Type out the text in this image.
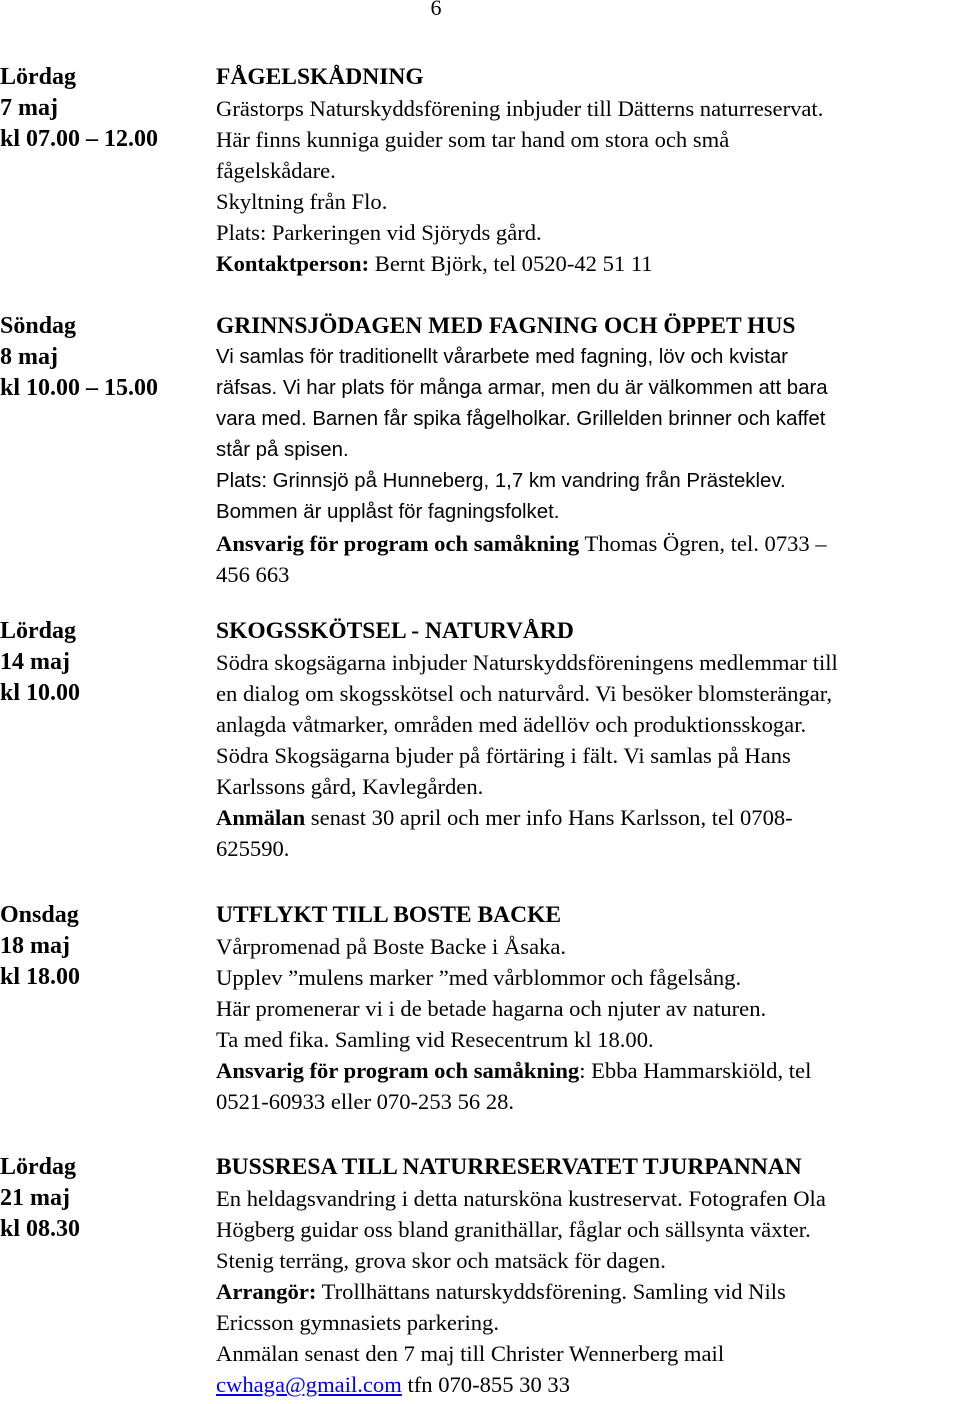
6
Lördag
7 maj
kl 07.00 – 12.00
FÅGELSKÅDNING
Grästorps Naturskyddsförening inbjuder till Dätterns naturreservat.
Här finns kunniga guider som tar hand om stora och små
fågelskådare.
Skyltning från Flo.
Plats: Parkeringen vid Sjöryds gård.
Kontaktperson: Bernt Björk, tel 0520-42 51 11
Söndag
8 maj
kl 10.00 – 15.00
GRINNSJÖDAGEN MED FAGNING OCH ÖPPET HUS
Vi samlas för traditionellt vårarbete med fagning, löv och kvistar
räfsas. Vi har plats för många armar, men du är välkommen att bara
vara med. Barnen får spika fågelholkar. Grillelden brinner och kaffet
står på spisen.
Plats: Grinnsjö på Hunneberg, 1,7 km vandring från Prästeklev.
Bommen är upplåst för fagningsfolket.
Ansvarig för program och samåkning Thomas Ögren, tel. 0733 –
456 663
Lördag
14 maj
kl 10.00
SKOGSSKÖTSEL - NATURVÅRD
Södra skogsägarna inbjuder Naturskyddsföreningens medlemmar till
en dialog om skogsskötsel och naturvård. Vi besöker blomsterängar,
anlagda våtmarker, områden med ädellöv och produktionsskogar.
Södra Skogsägarna bjuder på förtäring i fält. Vi samlas på Hans
Karlssons gård, Kavlegården.
Anmälan senast 30 april och mer info Hans Karlsson, tel 0708-
625590.
Onsdag
18 maj
kl 18.00
UTFLYKT TILL BOSTE BACKE
Vårpromenad på Boste Backe i Åsaka.
Upplev ”mulens marker ”med vårblommor och fågelsång.
Här promenerar vi i de betade hagarna och njuter av naturen.
Ta med fika. Samling vid Resecentrum kl 18.00.
Ansvarig för program och samåkning: Ebba Hammarskiöld, tel
0521-60933 eller 070-253 56 28.
Lördag
21 maj
kl 08.30
BUSSRESA TILL NATURRESERVATET TJURPANNAN
En heldagsvandring i detta natursköna kustreservat. Fotografen Ola
Högberg guidar oss bland granithällar, fåglar och sällsynta växter.
Stenig terräng, grova skor och matsäck för dagen.
Arrangör: Trollhättans naturskyddsförening. Samling vid Nils
Ericsson gymnasiets parkering.
Anmälan senast den 7 maj till Christer Wennerberg mail
cwhaga@gmail.com tfn 070-855 30 33
